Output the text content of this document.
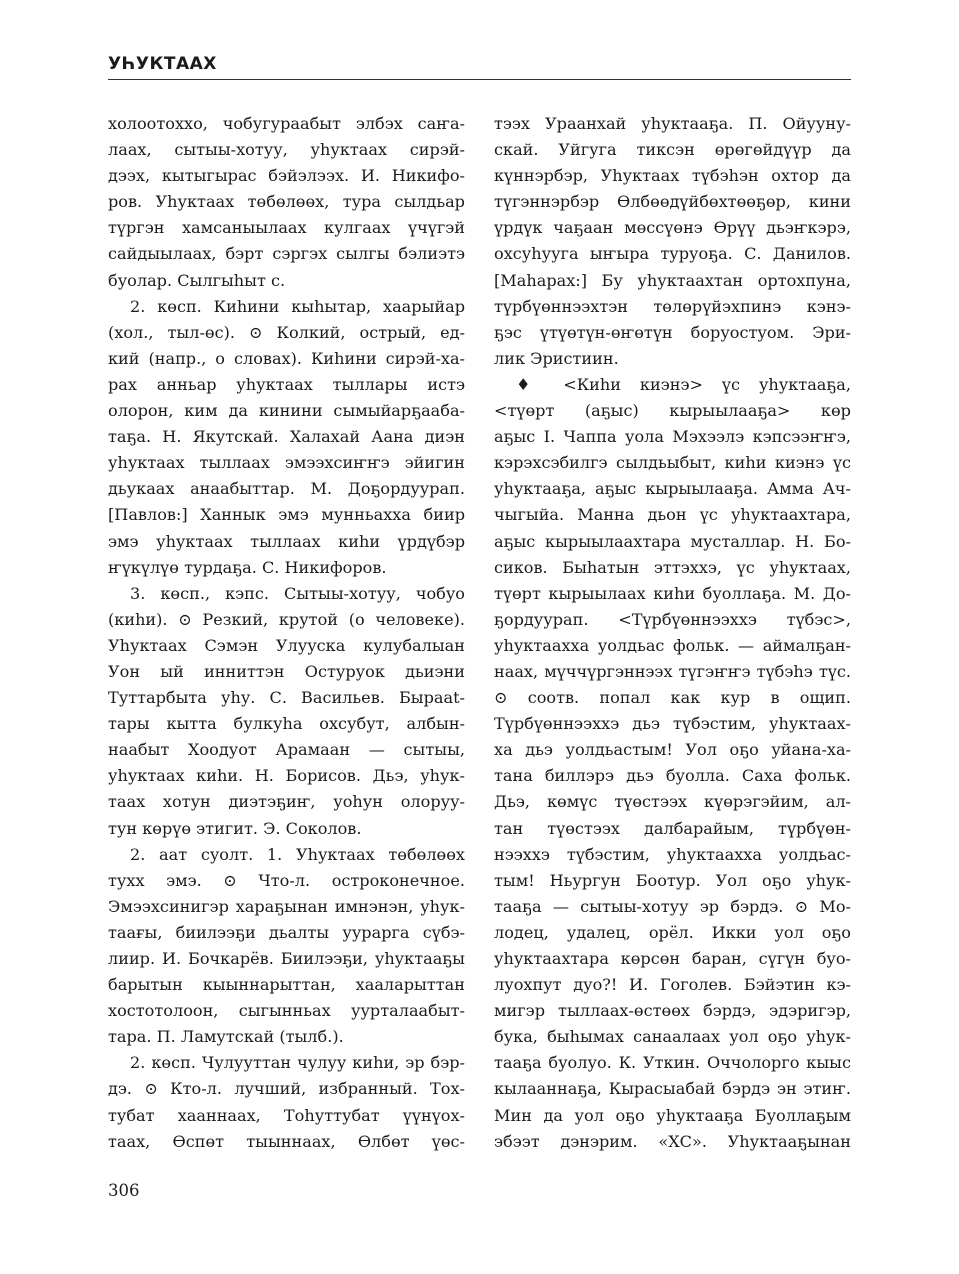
УҺУКТААХ
холоотоххо, чобугураабыт элбэх саҥа-
лаах, сытыы-хотуу, уһуктаах сирэй-
дээх, кытыгырас бэйэлээх. И. Никифо-
ров. Уһуктаах төбөлөөх, тура сылдьар
түргэн хамсаныылаах кулгаах үчүгэй
сайдыылаах, бэрт сэргэх сылгы бэлиэтэ
буолар. Сылгыһыт с.
2. көсп. Киһини кыһытар, хаарыйар
(хол., тыл-өс). ⊙ Колкий, острый, ед-
кий (напр., о словах). Киһини сирэй-ха-
рах анньар уһуктаах тыллары истэ
олорон, ким да кинини сымыйарҕааба-
таҕа. Н. Якутскай. Халахай Аана диэн
уһуктаах тыллаах эмээхсиҥҥэ эйигин
дьукаах анаабыттар. М. Доҕордуурап.
[Павлов:] Ханнык эмэ мунньахха биир
эмэ уһуктаах тыллаах киһи үрдүбэр
ҥүкүлүө турдаҕа. С. Никифоров.
3. көсп., кэпс. Сытыы-хотуу, чобуо
(киһи). ⊙ Резкий, крутой (о человеке).
Уһуктаах Сэмэн Улууска кулубалыан
Уон ый инниттэн Остуруок дьиэни
Туттарбыта уһу. С. Васильев. Бырааt-
тары кытта булкуһа охсубут, албын-
наабыт Хоодуот Арамаан — сытыы,
уһуктаах киһи. Н. Борисов. Дьэ, уһук-
таах хотун диэтэҕиҥ, уоһун олоруу-
тун көрүө этигит. Э. Соколов.
2. аат суолт. 1. Уһуктаах төбөлөөх
тухх эмэ. ⊙ Что-л. остроконечное.
Эмээхсинигэр хараҕынан имнэнэн, уһук-
таағы, биилээҕи дьалты уурарга сүбэ-
лиир. И. Бочкарёв. Биилээҕи, уһуктааҕы
барытын кыыннарыттан, хааларыттан
хостотолоон, сыгынньах уурталаабыт-
тара. П. Ламутскай (тылб.).
2. көсп. Чулууттан чулуу киһи, эр бэр-
дэ. ⊙ Кто-л. лучший, избранный. Тох-
тубат хааннаах, Тоһуттубат үүнүох-
таах, Өспөт тыыннаах, Өлбөт үөс-
тээх Ураанхай уһуктааҕа. П. Ойууну-
скай. Уйгуга тиксэн өрөгөйдүүр да
күннэрбэр, Уһуктаах түбэһэн охтор да
түгэннэрбэр Өлбөөдүйбөхтөөҕөр, кини
үрдүк чаҕаан мөссүөнэ Өрүү дьэҥкэрэ,
охсуһууга ыҥыра туруоҕа. С. Данилов.
[Маһарах:] Бу уһуктаахтан ортохпуна,
түрбүөннээхтэн төлөрүйэхпинэ кэнэ-
ҕэс үтүөтүн-өҥөтүн боруостуом. Эри-
лик Эристиин.
♦ <Киһи киэнэ> үс уһуктааҕа,
<түөрт (аҕыс) кырыылааҕа> көр
аҕыс I. Чаппа уола Мэхээлэ кэпсээҥҥэ,
кэрэхсэбилгэ сылдьыбыт, киһи киэнэ үс
уһуктааҕа, аҕыс кырыылааҕа. Амма Ач-
чыгыйа. Манна дьон үс уһуктаахтара,
аҕыс кырыылаахтара мусталлар. Н. Бо-
сиков. Быһатын эттэххэ, үс уһуктаах,
түөрт кырыылаах киһи буоллаҕа. М. До-
ҕордуурап. <Түрбүөннээххэ түбэс>,
уһуктаахха уолдьас фольк. — аймалҕан-
наах, мүччүргэннээх түгэҥҥэ түбэһэ түс.
⊙ соотв. попал как кур в ощип.
Түрбүөннээххэ дьэ түбэстим, уһуктаах-
ха дьэ уолдьастым! Уол оҕо уйана-ха-
тана биллэрэ дьэ буолла. Саха фольк.
Дьэ, көмүс түөстээх күөрэгэйим, ал-
тан түөстээх далбарайым, түрбүөн-
нээххэ түбэстим, уһуктаахха уолдьас-
тым! Ньургун Боотур. Уол оҕо уһук-
тааҕа — сытыы-хотуу эр бэрдэ. ⊙ Мо-
лодец, удалец, орёл. Икки уол оҕо
уһуктаахтара көрсөн баран, сүгүн буо-
луохпут дуо?! И. Гоголев. Бэйэтин кэ-
мигэр тыллаах-өстөөх бэрдэ, эдэригэр,
бука, быһымах санаалаах уол оҕо уһук-
тааҕа буолуо. К. Уткин. Оччолорго кыыс
кылааннаҕа, Кырасыабай бэрдэ эн этиҥ.
Мин да уол оҕо уһуктааҕа Буоллаҕым
эбээт дэнэрим. «ХС». Уһуктааҕынан
306
